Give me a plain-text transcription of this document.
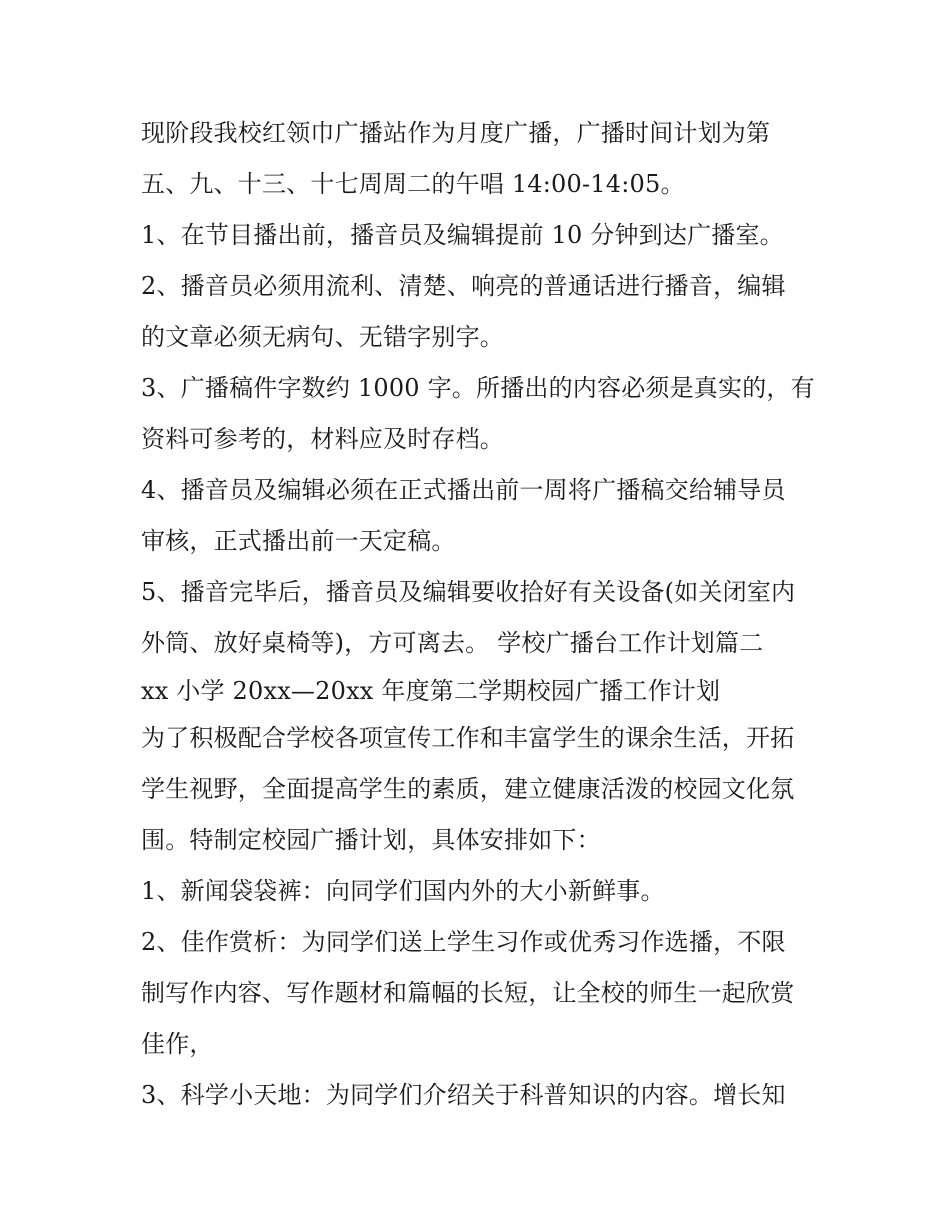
现阶段我校红领巾广播站作为月度广播，广播时间计划为第
五、九、十三、十七周周二的午唱 14:00-14:05。
1、在节目播出前，播音员及编辑提前 10 分钟到达广播室。
2、播音员必须用流利、清楚、响亮的普通话进行播音，编辑
的文章必须无病句、无错字别字。
3、广播稿件字数约 1000 字。所播出的内容必须是真实的，有
资料可参考的，材料应及时存档。
4、播音员及编辑必须在正式播出前一周将广播稿交给辅导员
审核，正式播出前一天定稿。
5、播音完毕后，播音员及编辑要收拾好有关设备(如关闭室内
外筒、放好桌椅等)，方可离去。 学校广播台工作计划篇二
xx 小学 20xx—20xx 年度第二学期校园广播工作计划
为了积极配合学校各项宣传工作和丰富学生的课余生活，开拓
学生视野，全面提高学生的素质，建立健康活泼的校园文化氛
围。特制定校园广播计划，具体安排如下：
1、新闻袋袋裤：向同学们国内外的大小新鲜事。
2、佳作赏析：为同学们送上学生习作或优秀习作选播，不限
制写作内容、写作题材和篇幅的长短，让全校的师生一起欣赏
佳作，
3、科学小天地：为同学们介绍关于科普知识的内容。增长知
